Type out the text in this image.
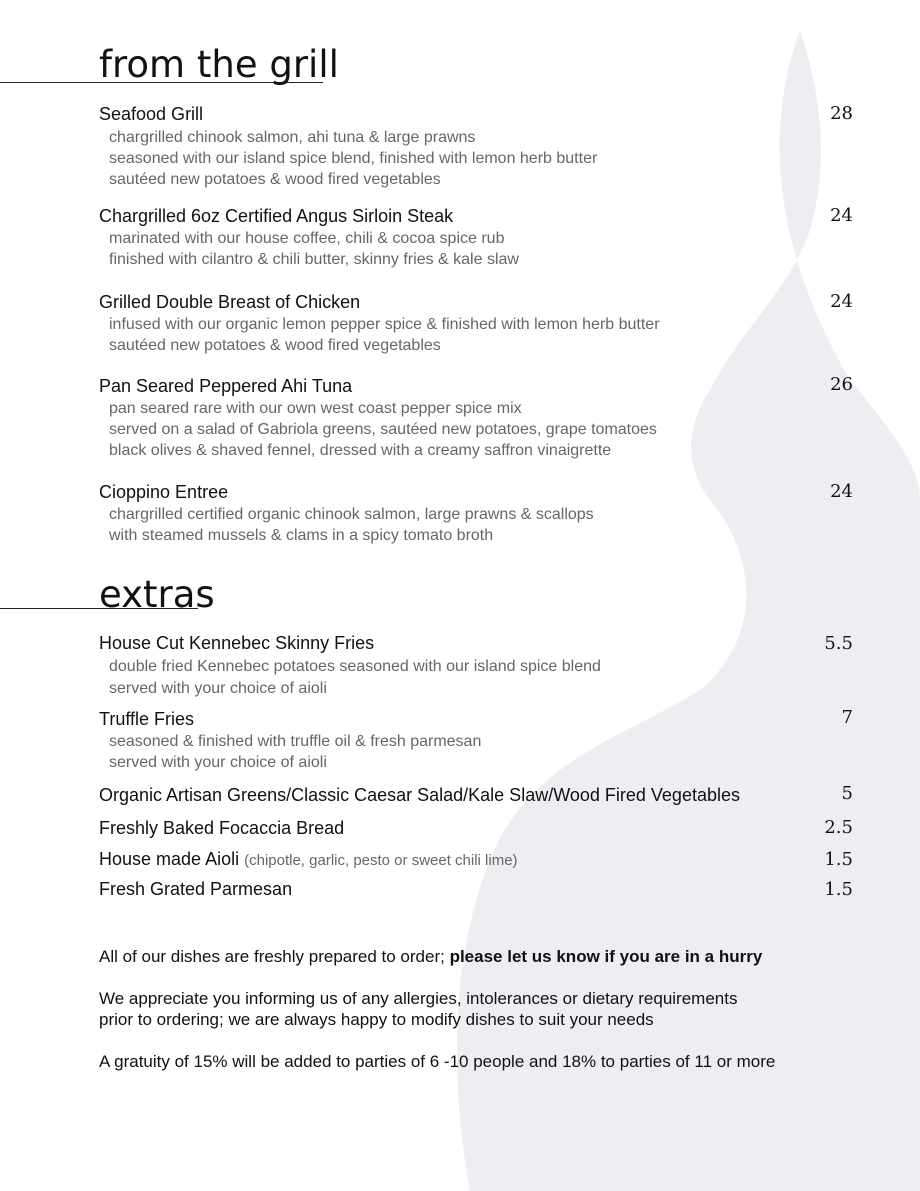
from the grill
Seafood Grill	28
chargrilled chinook salmon, ahi tuna & large prawns
seasoned with our island spice blend, finished with lemon herb butter
sautéed new potatoes & wood fired vegetables
Chargrilled 6oz Certified Angus Sirloin Steak	24
marinated with our house coffee, chili & cocoa spice rub
finished with cilantro & chili butter, skinny fries & kale slaw
Grilled Double Breast of Chicken	24
infused with our organic lemon pepper spice & finished with lemon herb butter
sautéed new potatoes & wood fired vegetables
Pan Seared Peppered Ahi Tuna	26
pan seared rare with our own west coast pepper spice mix
served on a salad of Gabriola greens, sautéed new potatoes, grape tomatoes
black olives & shaved fennel, dressed with a creamy saffron vinaigrette
Cioppino Entree	24
chargrilled certified organic chinook salmon, large prawns & scallops
with steamed mussels & clams in a spicy tomato broth
extras
House Cut Kennebec Skinny Fries	5.5
double fried Kennebec potatoes seasoned with our island spice blend
served with your choice of aioli
Truffle Fries	7
seasoned & finished with truffle oil & fresh parmesan
served with your choice of aioli
Organic Artisan Greens/Classic Caesar Salad/Kale Slaw/Wood Fired Vegetables	5
Freshly Baked Focaccia Bread	2.5
House made Aioli (chipotle, garlic, pesto or sweet chili lime)	1.5
Fresh Grated Parmesan	1.5
All of our dishes are freshly prepared to order; please let us know if you are in a hurry
We appreciate you informing us of any allergies, intolerances or dietary requirements
prior to ordering; we are always happy to modify dishes to suit your needs
A gratuity of 15% will be added to parties of 6 -10 people and 18% to parties of 11 or more
